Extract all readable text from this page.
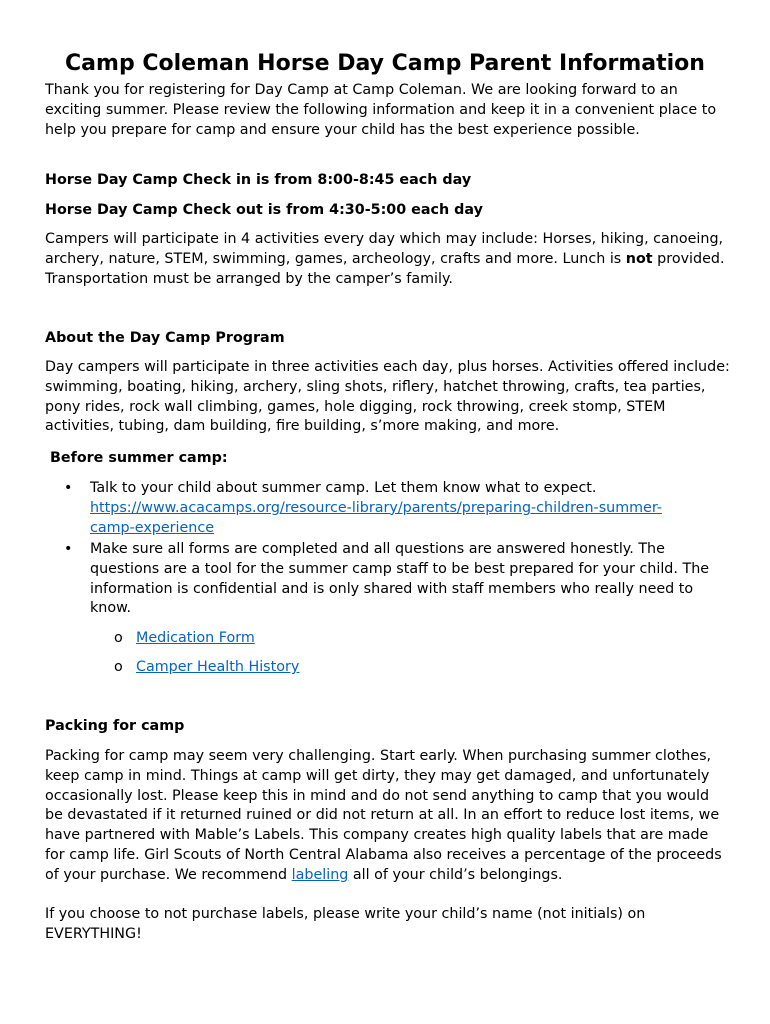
Camp Coleman Horse Day Camp Parent Information

Thank you for registering for Day Camp at Camp Coleman. We are looking forward to an exciting summer. Please review the following information and keep it in a convenient place to help you prepare for camp and ensure your child has the best experience possible.

Horse Day Camp Check in is from 8:00-8:45 each day

Horse Day Camp Check out is from 4:30-5:00 each day

Campers will participate in 4 activities every day which may include: Horses, hiking, canoeing, archery, nature, STEM, swimming, games, archeology, crafts and more. Lunch is not provided. Transportation must be arranged by the camper’s family.

About the Day Camp Program

Day campers will participate in three activities each day, plus horses. Activities offered include: swimming, boating, hiking, archery, sling shots, riflery, hatchet throwing, crafts, tea parties, pony rides, rock wall climbing, games, hole digging, rock throwing, creek stomp, STEM activities, tubing, dam building, fire building, s’more making, and more.

Before summer camp:

• Talk to your child about summer camp. Let them know what to expect.
https://www.acacamps.org/resource-library/parents/preparing-children-summer-
camp-experience
• Make sure all forms are completed and all questions are answered honestly. The questions are a tool for the summer camp staff to be best prepared for your child. The information is confidential and is only shared with staff members who really need to know.
o Medication Form
o Camper Health History

Packing for camp

Packing for camp may seem very challenging. Start early. When purchasing summer clothes, keep camp in mind. Things at camp will get dirty, they may get damaged, and unfortunately occasionally lost. Please keep this in mind and do not send anything to camp that you would be devastated if it returned ruined or did not return at all. In an effort to reduce lost items, we have partnered with Mable’s Labels. This company creates high quality labels that are made for camp life. Girl Scouts of North Central Alabama also receives a percentage of the proceeds of your purchase. We recommend labeling all of your child’s belongings.

If you choose to not purchase labels, please write your child’s name (not initials) on EVERYTHING!
